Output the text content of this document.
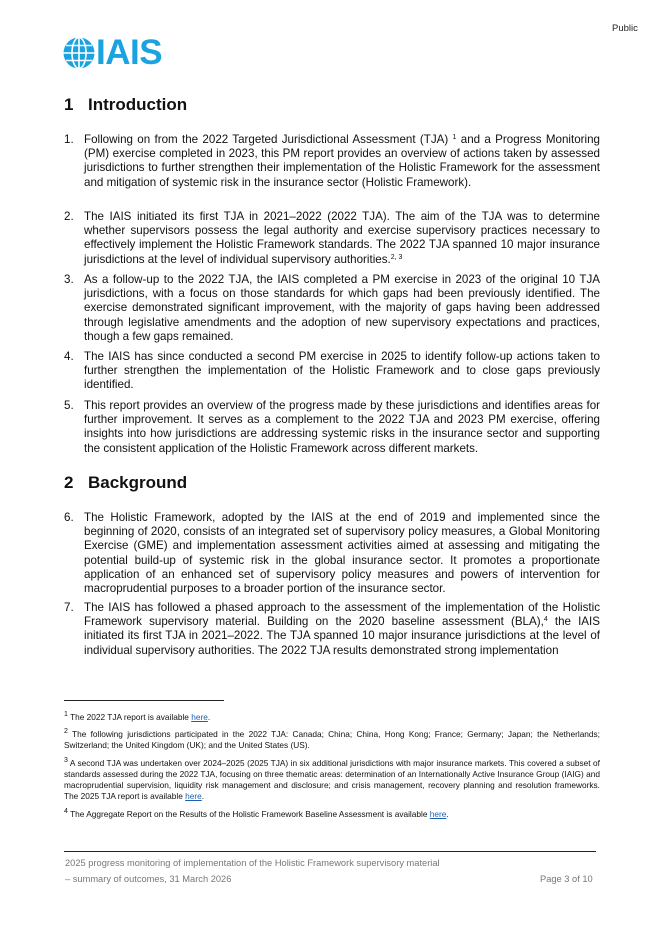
Public
IAIS
1 Introduction
1. Following on from the 2022 Targeted Jurisdictional Assessment (TJA) $^1$ and a Progress Monitoring (PM) exercise completed in 2023, this PM report provides an overview of actions taken by assessed jurisdictions to further strengthen their implementation of the Holistic Framework for the assessment and mitigation of systemic risk in the insurance sector (Holistic Framework).
2. The IAIS initiated its first TJA in 2021–2022 (2022 TJA). The aim of the TJA was to determine whether supervisors possess the legal authority and exercise supervisory practices necessary to effectively implement the Holistic Framework standards. The 2022 TJA spanned 10 major insurance jurisdictions at the level of individual supervisory authorities.$^{2, 3}$
3. As a follow-up to the 2022 TJA, the IAIS completed a PM exercise in 2023 of the original 10 TJA jurisdictions, with a focus on those standards for which gaps had been previously identified. The exercise demonstrated significant improvement, with the majority of gaps having been addressed through legislative amendments and the adoption of new supervisory expectations and practices, though a few gaps remained.
4. The IAIS has since conducted a second PM exercise in 2025 to identify follow-up actions taken to further strengthen the implementation of the Holistic Framework and to close gaps previously identified.
5. This report provides an overview of the progress made by these jurisdictions and identifies areas for further improvement. It serves as a complement to the 2022 TJA and 2023 PM exercise, offering insights into how jurisdictions are addressing systemic risks in the insurance sector and supporting the consistent application of the Holistic Framework across different markets.
2 Background
6. The Holistic Framework, adopted by the IAIS at the end of 2019 and implemented since the beginning of 2020, consists of an integrated set of supervisory policy measures, a Global Monitoring Exercise (GME) and implementation assessment activities aimed at assessing and mitigating the potential build-up of systemic risk in the global insurance sector. It promotes a proportionate application of an enhanced set of supervisory policy measures and powers of intervention for macroprudential purposes to a broader portion of the insurance sector.
7. The IAIS has followed a phased approach to the assessment of the implementation of the Holistic Framework supervisory material. Building on the 2020 baseline assessment (BLA),$^4$ the IAIS initiated its first TJA in 2021–2022. The TJA spanned 10 major insurance jurisdictions at the level of individual supervisory authorities. The 2022 TJA results demonstrated strong implementation
$^1$ The 2022 TJA report is available here.
$^2$ The following jurisdictions participated in the 2022 TJA: Canada; China; China, Hong Kong; France; Germany; Japan; the Netherlands; Switzerland; the United Kingdom (UK); and the United States (US).
$^3$ A second TJA was undertaken over 2024–2025 (2025 TJA) in six additional jurisdictions with major insurance markets. This covered a subset of standards assessed during the 2022 TJA, focusing on three thematic areas: determination of an Internationally Active Insurance Group (IAIG) and macroprudential supervision, liquidity risk management and disclosure; and crisis management, recovery planning and resolution frameworks. The 2025 TJA report is available here.
$^4$ The Aggregate Report on the Results of the Holistic Framework Baseline Assessment is available here.
2025 progress monitoring of implementation of the Holistic Framework supervisory material
– summary of outcomes, 31 March 2026	Page 3 of 10
